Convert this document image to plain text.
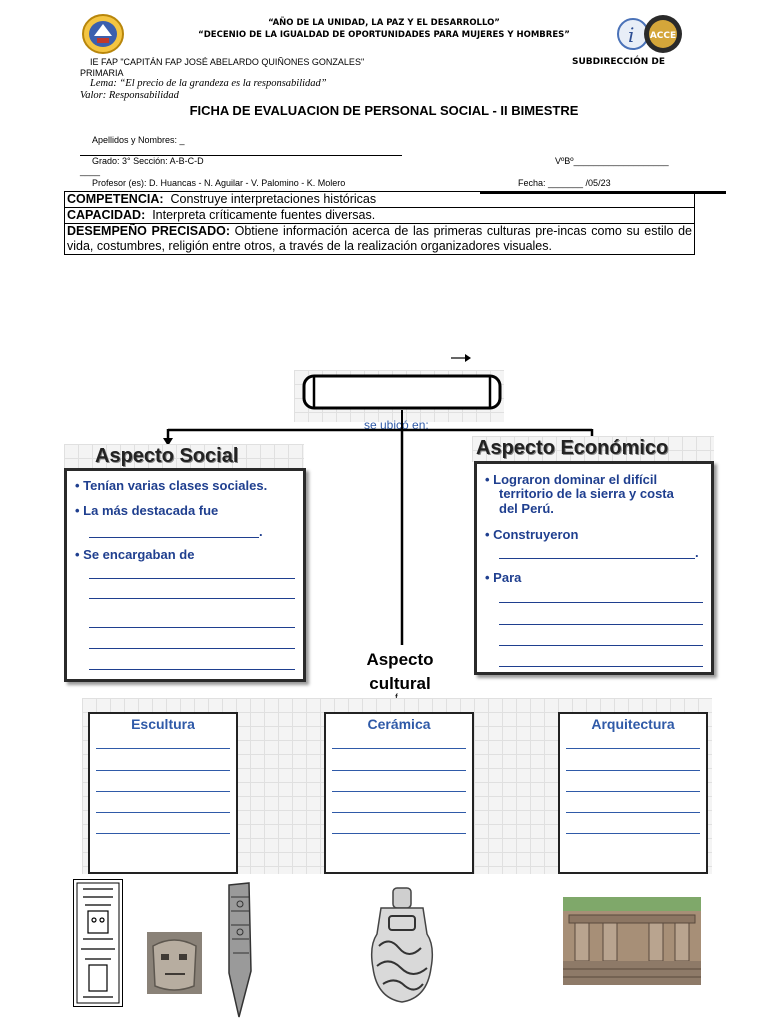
i ACCE
“AÑO DE LA UNIDAD, LA PAZ Y EL DESARROLLO”
“DECENIO DE LA IGUALDAD DE OPORTUNIDADES PARA MUJERES Y HOMBRES”
IE FAP "CAPITÁN FAP JOSÉ ABELARDO QUIÑONES GONZALES"	SUBDIRECCIÓN DE
PRIMARIA
Lema: “El precio de la grandeza es la responsabilidad”
Valor: Responsabilidad
FICHA DE EVALUACION DE PERSONAL SOCIAL - II BIMESTRE
Apellidos y Nombres: _
Grado: 3° Sección: A-B-C-D	VºBº___________________
____
Profesor (es): D. Huancas - N. Aguilar - V. Palomino - K. Molero	Fecha: _______ /05/23
COMPETENCIA:  Construye interpretaciones históricas
CAPACIDAD:  Interpreta críticamente fuentes diversas.
DESEMPEÑO PRECISADO: Obtiene información acerca de las primeras culturas pre-incas como su estilo de vida, costumbres, religión entre otros, a través de la realización organizadores visuales.
se ubicó en:
Aspecto Social
• Tenían varias clases sociales.
• La más destacada fue
.
• Se encargaban de
Aspecto Económico
• Lograron dominar el difícil
territorio de la sierra y costa
del Perú.
• Construyeron
.
• Para
Aspecto
cultural
Escultura	Cerámica	Arquitectura
